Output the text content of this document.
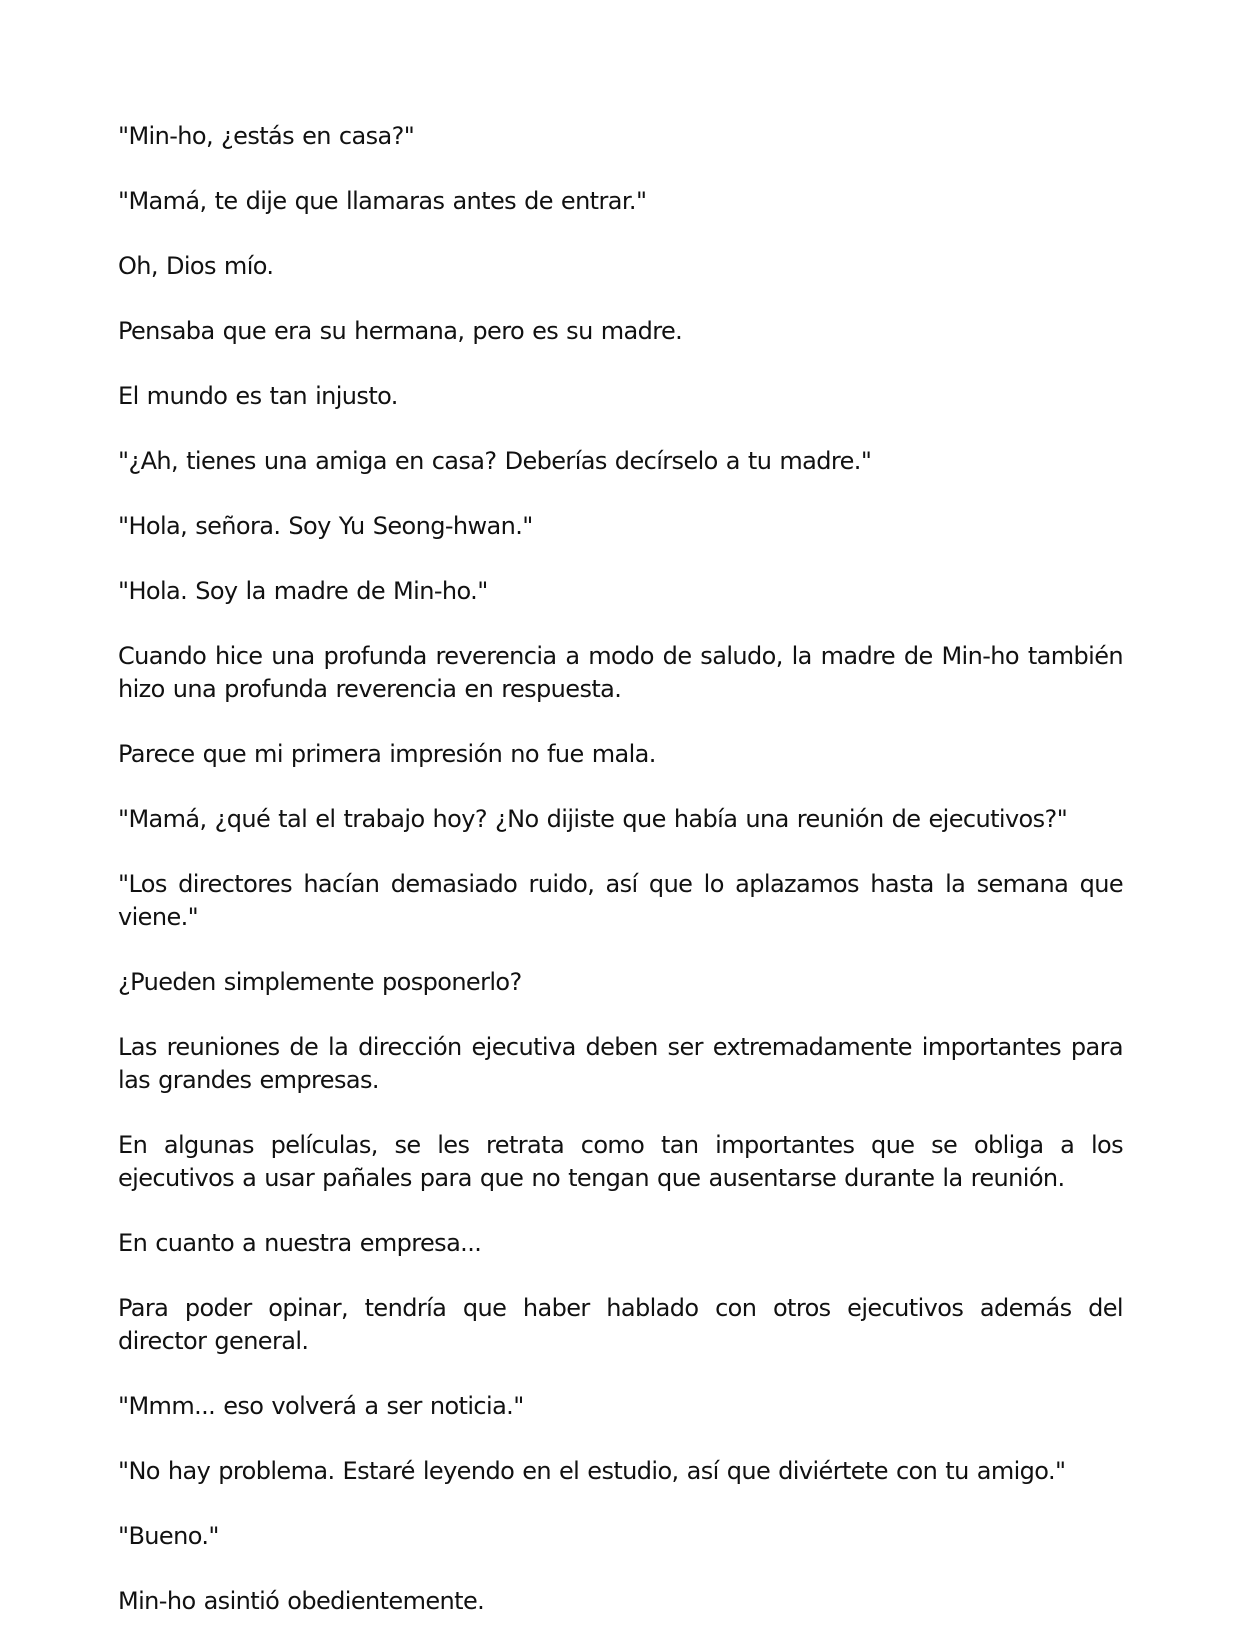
"Min-ho, ¿estás en casa?"

"Mamá, te dije que llamaras antes de entrar."

Oh, Dios mío.

Pensaba que era su hermana, pero es su madre.

El mundo es tan injusto.

"¿Ah, tienes una amiga en casa? Deberías decírselo a tu madre."

"Hola, señora. Soy Yu Seong-hwan."

"Hola. Soy la madre de Min-ho."

Cuando hice una profunda reverencia a modo de saludo, la madre de Min-ho también hizo una profunda reverencia en respuesta.

Parece que mi primera impresión no fue mala.

"Mamá, ¿qué tal el trabajo hoy? ¿No dijiste que había una reunión de ejecutivos?"

"Los directores hacían demasiado ruido, así que lo aplazamos hasta la semana que viene."

¿Pueden simplemente posponerlo?

Las reuniones de la dirección ejecutiva deben ser extremadamente importantes para las grandes empresas.

En algunas películas, se les retrata como tan importantes que se obliga a los ejecutivos a usar pañales para que no tengan que ausentarse durante la reunión.

En cuanto a nuestra empresa...

Para poder opinar, tendría que haber hablado con otros ejecutivos además del director general.

"Mmm... eso volverá a ser noticia."

"No hay problema. Estaré leyendo en el estudio, así que diviértete con tu amigo."

"Bueno."

Min-ho asintió obedientemente.
